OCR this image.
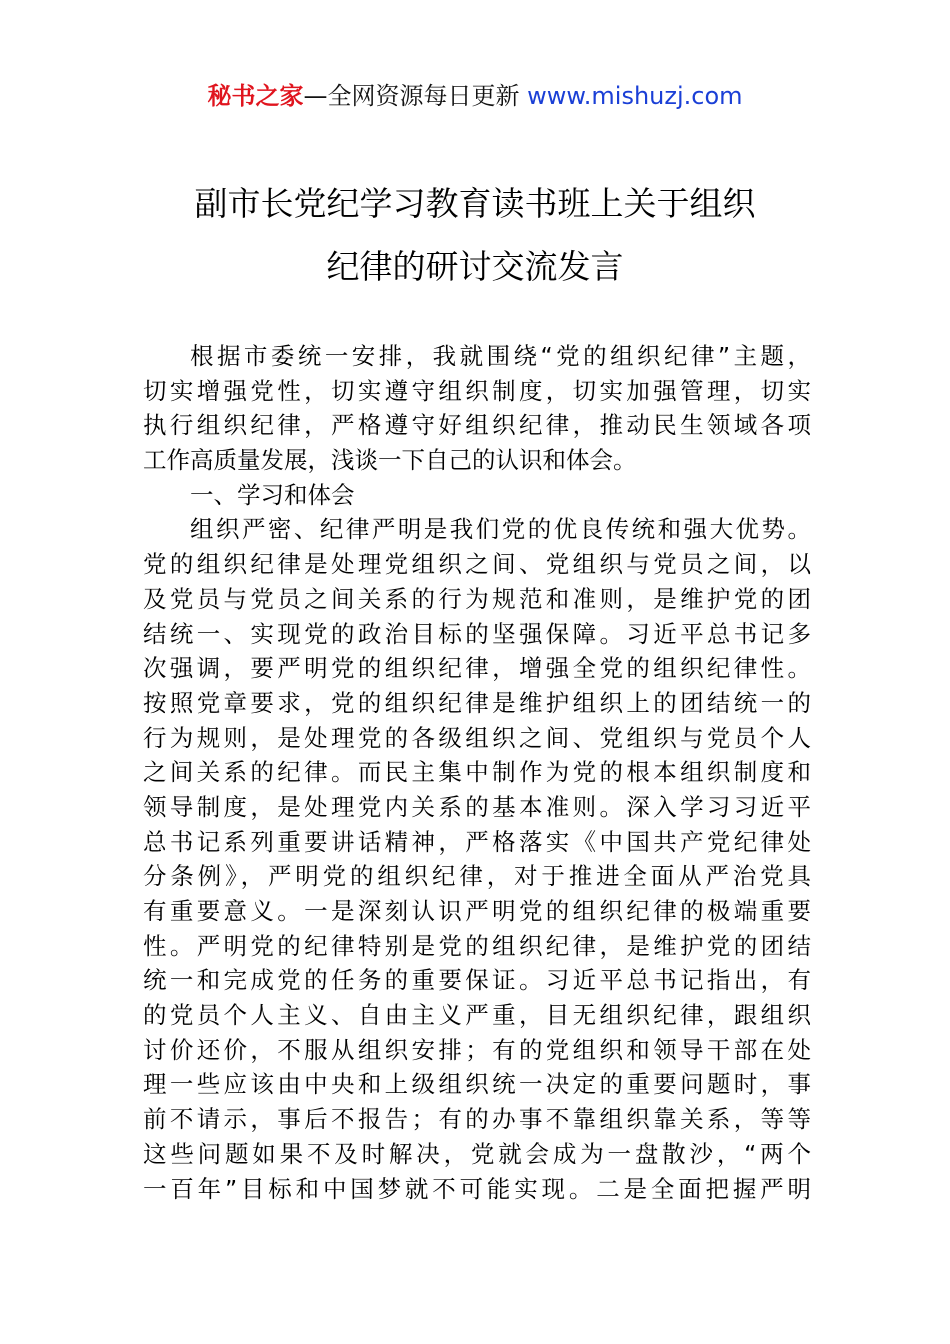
秘书之家—全网资源每日更新 www.mishuzj.com
副市长党纪学习教育读书班上关于组织
纪律的研讨交流发言
根据市委统一安排，我就围绕“党的组织纪律”主题，
切实增强党性，切实遵守组织制度，切实加强管理，切实
执行组织纪律，严格遵守好组织纪律，推动民生领域各项
工作高质量发展，浅谈一下自己的认识和体会。
一、学习和体会
组织严密、纪律严明是我们党的优良传统和强大优势。
党的组织纪律是处理党组织之间、党组织与党员之间，以
及党员与党员之间关系的行为规范和准则，是维护党的团
结统一、实现党的政治目标的坚强保障。习近平总书记多
次强调，要严明党的组织纪律，增强全党的组织纪律性。
按照党章要求，党的组织纪律是维护组织上的团结统一的
行为规则，是处理党的各级组织之间、党组织与党员个人
之间关系的纪律。而民主集中制作为党的根本组织制度和
领导制度，是处理党内关系的基本准则。深入学习习近平
总书记系列重要讲话精神，严格落实《中国共产党纪律处
分条例》，严明党的组织纪律，对于推进全面从严治党具
有重要意义。一是深刻认识严明党的组织纪律的极端重要
性。严明党的纪律特别是党的组织纪律，是维护党的团结
统一和完成党的任务的重要保证。习近平总书记指出，有
的党员个人主义、自由主义严重，目无组织纪律，跟组织
讨价还价，不服从组织安排；有的党组织和领导干部在处
理一些应该由中央和上级组织统一决定的重要问题时，事
前不请示，事后不报告；有的办事不靠组织靠关系，等等
这些问题如果不及时解决，党就会成为一盘散沙，“两个
一百年”目标和中国梦就不可能实现。二是全面把握严明
